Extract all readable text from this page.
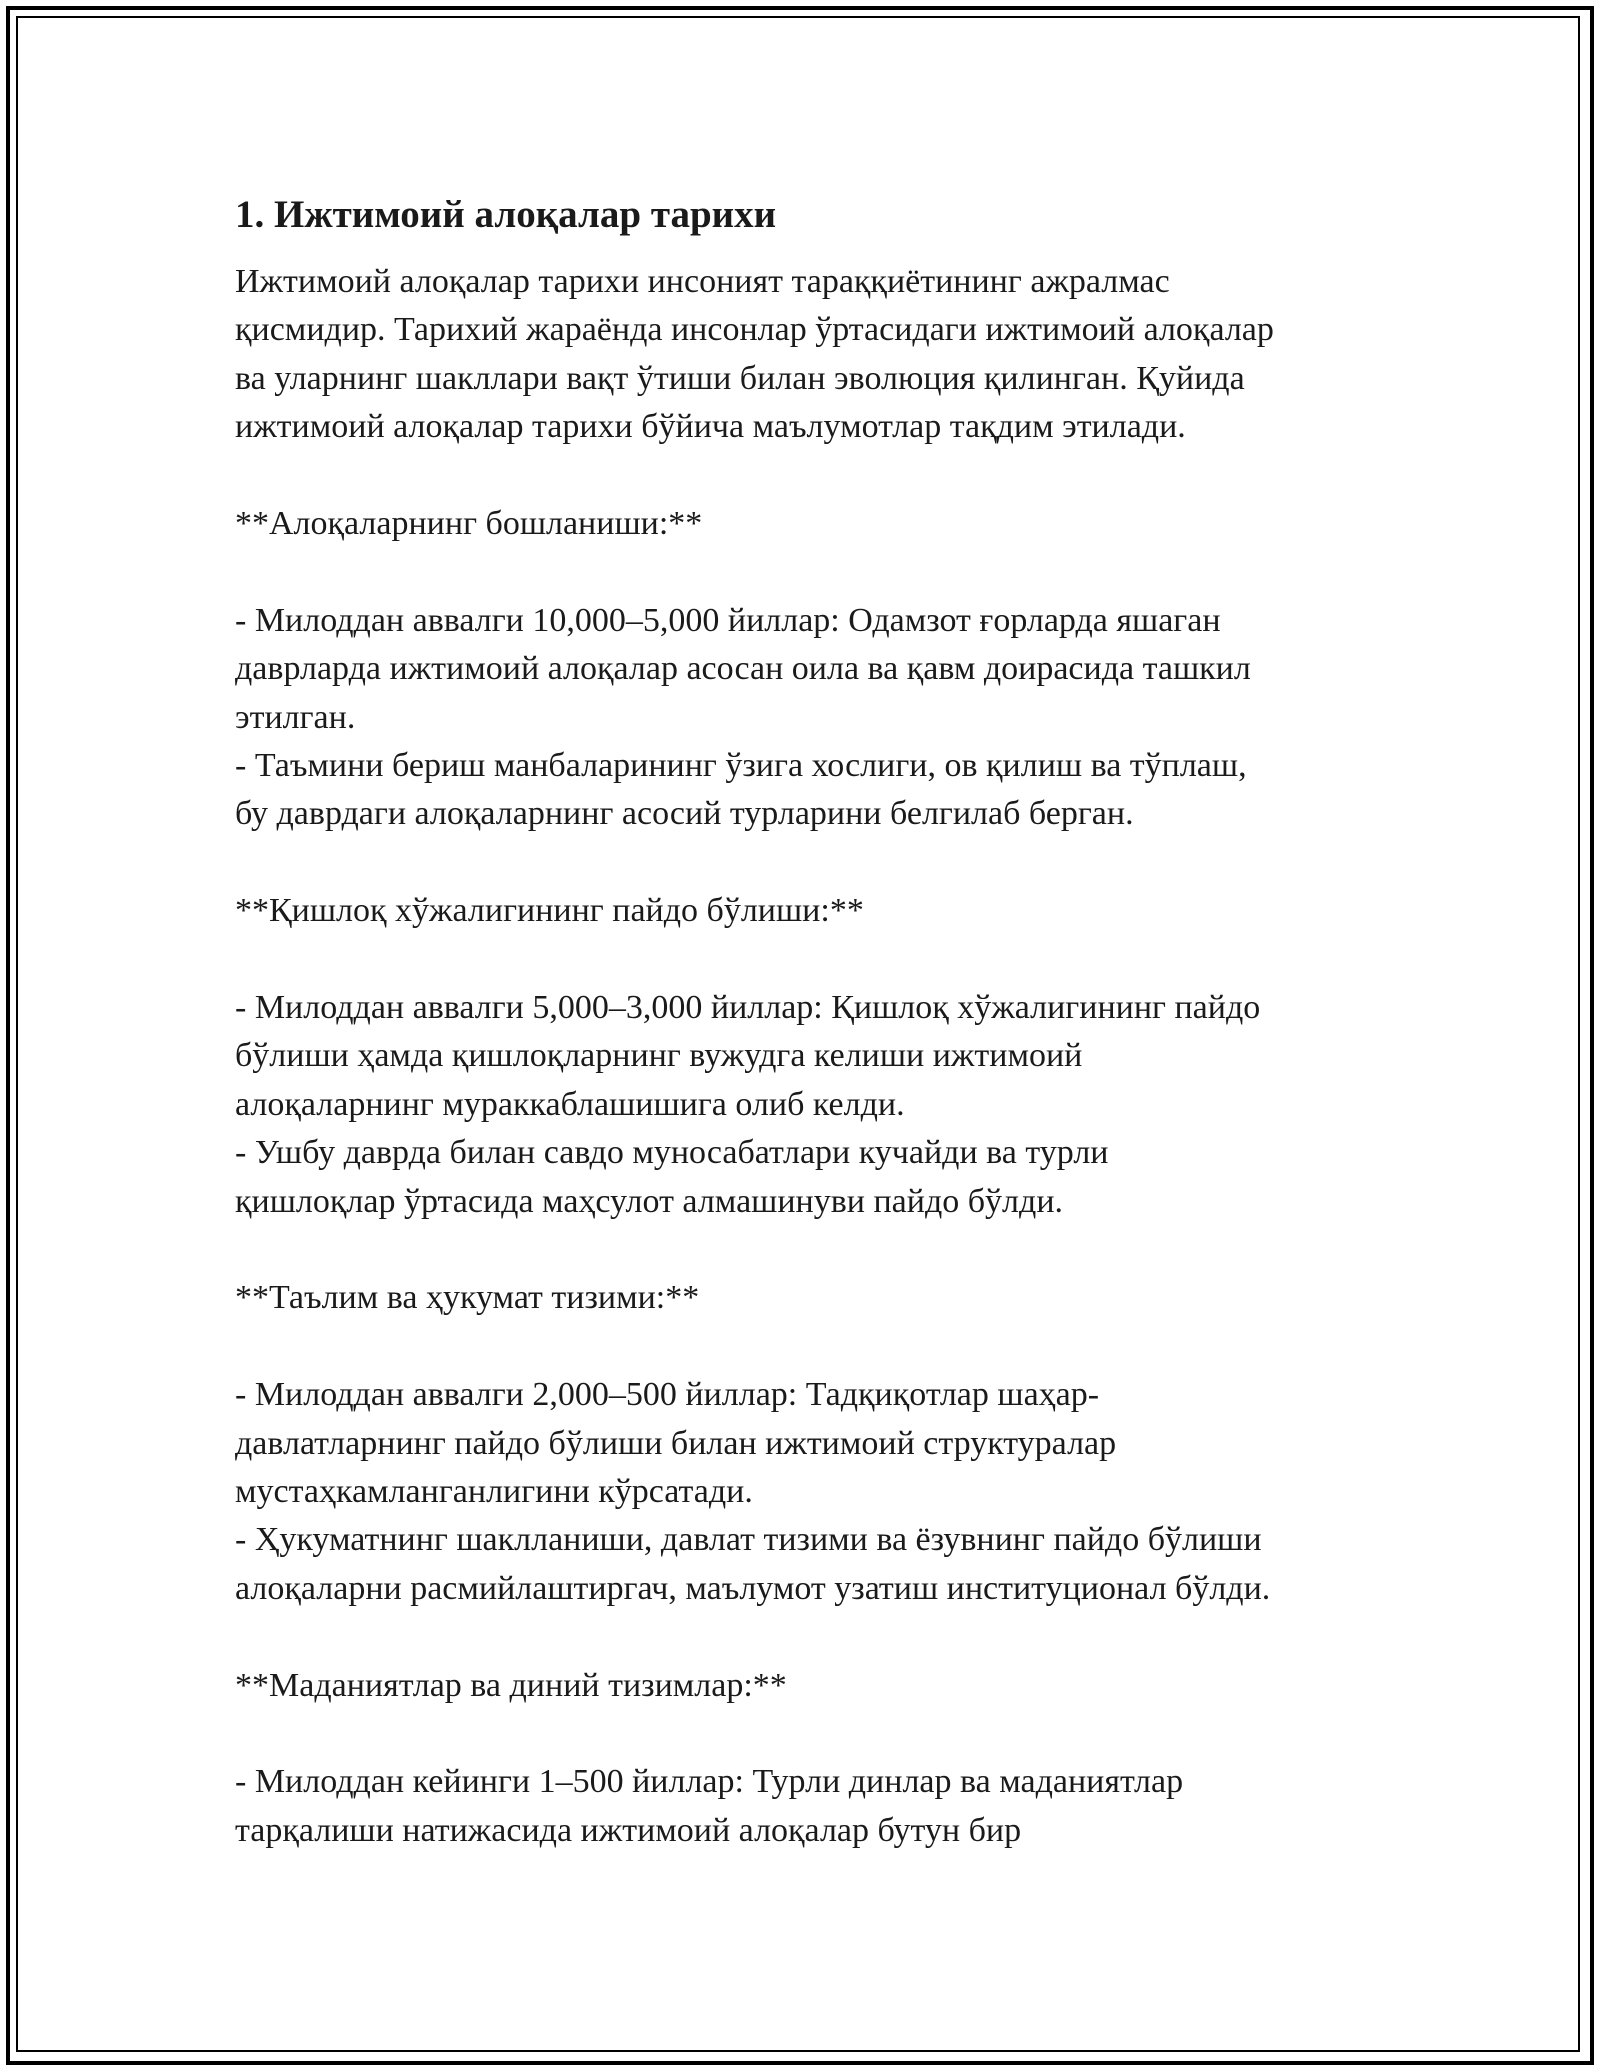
1. Ижтимоий алоқалар тарихи
Ижтимоий алоқалар тарихи инсоният тараққиётининг ажралмас
қисмидир. Тарихий жараёнда инсонлар ўртасидаги ижтимоий алоқалар
ва уларнинг шакллари вақт ўтиши билан эволюция қилинган. Қуйида
ижтимоий алоқалар тарихи бўйича маълумотлар тақдим этилади.
**Алоқаларнинг бошланиши:**
- Милоддан аввалги 10,000–5,000 йиллар: Одамзот ғорларда яшаган
даврларда ижтимоий алоқалар асосан оила ва қавм доирасида ташкил
этилган.
- Таъмини бериш манбаларининг ўзига хослиги, ов қилиш ва тўплаш,
бу даврдаги алоқаларнинг асосий турларини белгилаб берган.
**Қишлоқ хўжалигининг пайдо бўлиши:**
- Милоддан аввалги 5,000–3,000 йиллар: Қишлоқ хўжалигининг пайдо
бўлиши ҳамда қишлоқларнинг вужудга келиши ижтимоий
алоқаларнинг мураккаблашишига олиб келди.
- Ушбу даврда билан савдо муносабатлари кучайди ва турли
қишлоқлар ўртасида маҳсулот алмашинуви пайдо бўлди.
**Таълим ва ҳукумат тизими:**
- Милоддан аввалги 2,000–500 йиллар: Тадқиқотлар шаҳар-
давлатларнинг пайдо бўлиши билан ижтимоий структуралар
мустаҳкамланганлигини кўрсатади.
- Ҳукуматнинг шаклланиши, давлат тизими ва ёзувнинг пайдо бўлиши
алоқаларни расмийлаштиргач, маълумот узатиш институционал бўлди.
**Маданиятлар ва диний тизимлар:**
- Милоддан кейинги 1–500 йиллар: Турли динлар ва маданиятлар
тарқалиши натижасида ижтимоий алоқалар бутун бир
